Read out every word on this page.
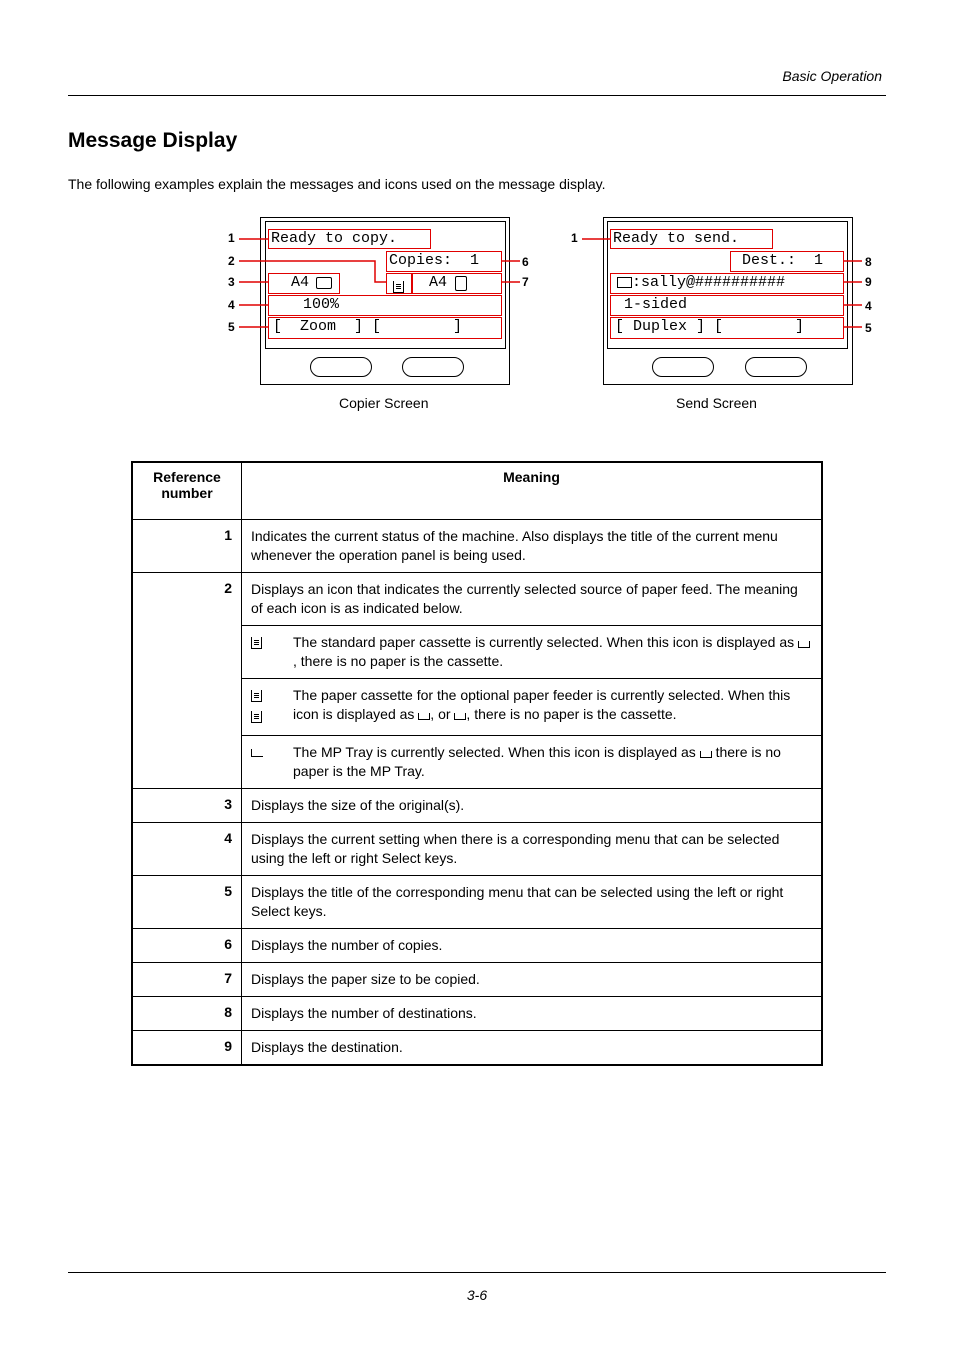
Basic Operation
Message Display
The following examples explain the messages and icons used on the message display.
Ready to copy.
Copies:  1
A4	A4
100%
[  Zoom  ] [        ]
1
2
3
4
5
6
7
Copier Screen
Ready to send.
Dest.:  1
:sally@##########
1-sided
[ Duplex ] [        ]
1
8
9
4
5
Send Screen
Reference number	Meaning
1	Indicates the current status of the machine. Also displays the title of the current menu whenever the operation panel is being used.
2	Displays an icon that indicates the currently selected source of paper feed. The meaning of each icon is as indicated below.
The standard paper cassette is currently selected. When this icon is displayed as , there is no paper is the cassette.

The paper cassette for the optional paper feeder is currently selected. When this icon is displayed as , or , there is no paper is the cassette.
The MP Tray is currently selected. When this icon is displayed as  there is no paper is the MP Tray.

3	Displays the size of the original(s).
4	Displays the current setting when there is a corresponding menu that can be selected using the left or right Select keys.
5	Displays the title of the corresponding menu that can be selected using the left or right Select keys.
6	Displays the number of copies.
7	Displays the paper size to be copied.
8	Displays the number of destinations.
9	Displays the destination.
3-6
